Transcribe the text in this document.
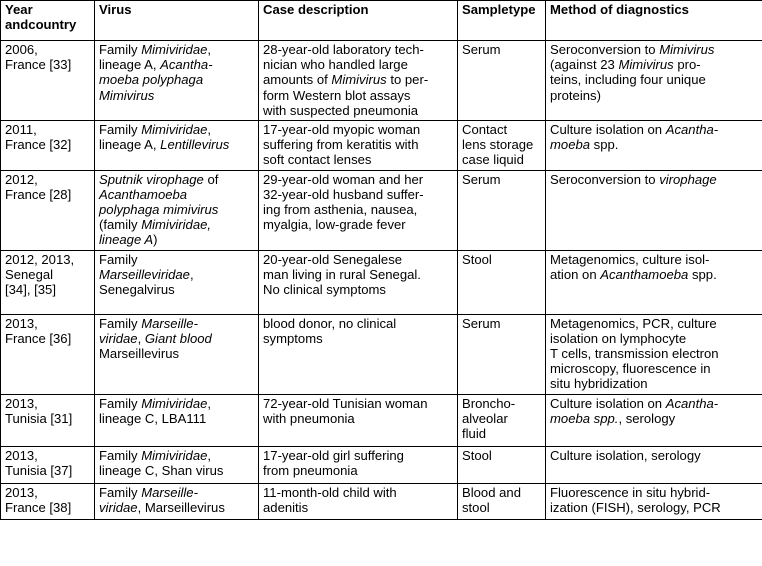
Year andcountry	Virus	Case description	Sampletype	Method of diagnostics

2006,
France [33]	Family Mimiviridae,
lineage A, Acantha-
moeba polyphaga
Mimivirus	28-year-old laboratory tech-
nician who handled large
amounts of Mimivirus to per-
form Western blot assays
with suspected pneumonia	Serum	Seroconversion to Mimivirus
(against 23 Mimivirus pro-
teins, including four unique
proteins)

2011,
France [32]	Family Mimiviridae,
lineage A, Lentillevirus	17-year-old myopic woman
suffering from keratitis with
soft contact lenses	Contact
lens storage
case liquid	Culture isolation on Acantha-
moeba spp.

2012,
France [28]	Sputnik virophage of
Acanthamoeba
polyphaga mimivirus
(family Mimiviridae,
lineage A)	29-year-old woman and her
32-year-old husband suffer-
ing from asthenia, nausea,
myalgia, low-grade fever	Serum	Seroconversion to virophage

2012, 2013,
Senegal
[34], [35]	Family
Marseilleviridae,
Senegalvirus	20-year-old Senegalese
man living in rural Senegal.
No clinical symptoms	Stool	Metagenomics, culture isol-
ation on Acanthamoeba spp.

2013,
France [36]	Family Marseille-
viridae, Giant blood
Marseillevirus	blood donor, no clinical
symptoms	Serum	Metagenomics, PCR, culture
isolation on lymphocyte
T cells, transmission electron
microscopy, fluorescence in
situ hybridization

2013,
Tunisia [31]	Family Mimiviridae,
lineage C, LBA111	72-year-old Tunisian woman
with pneumonia	Broncho-
alveolar
fluid	Culture isolation on Acantha-
moeba spp., serology

2013,
Tunisia [37]	Family Mimiviridae,
lineage C, Shan virus	17-year-old girl suffering
from pneumonia	Stool	Culture isolation, serology

2013,
France [38]	Family Marseille-
viridae, Marseillevirus	11-month-old child with
adenitis	Blood and
stool	Fluorescence in situ hybrid-
ization (FISH), serology, PCR
